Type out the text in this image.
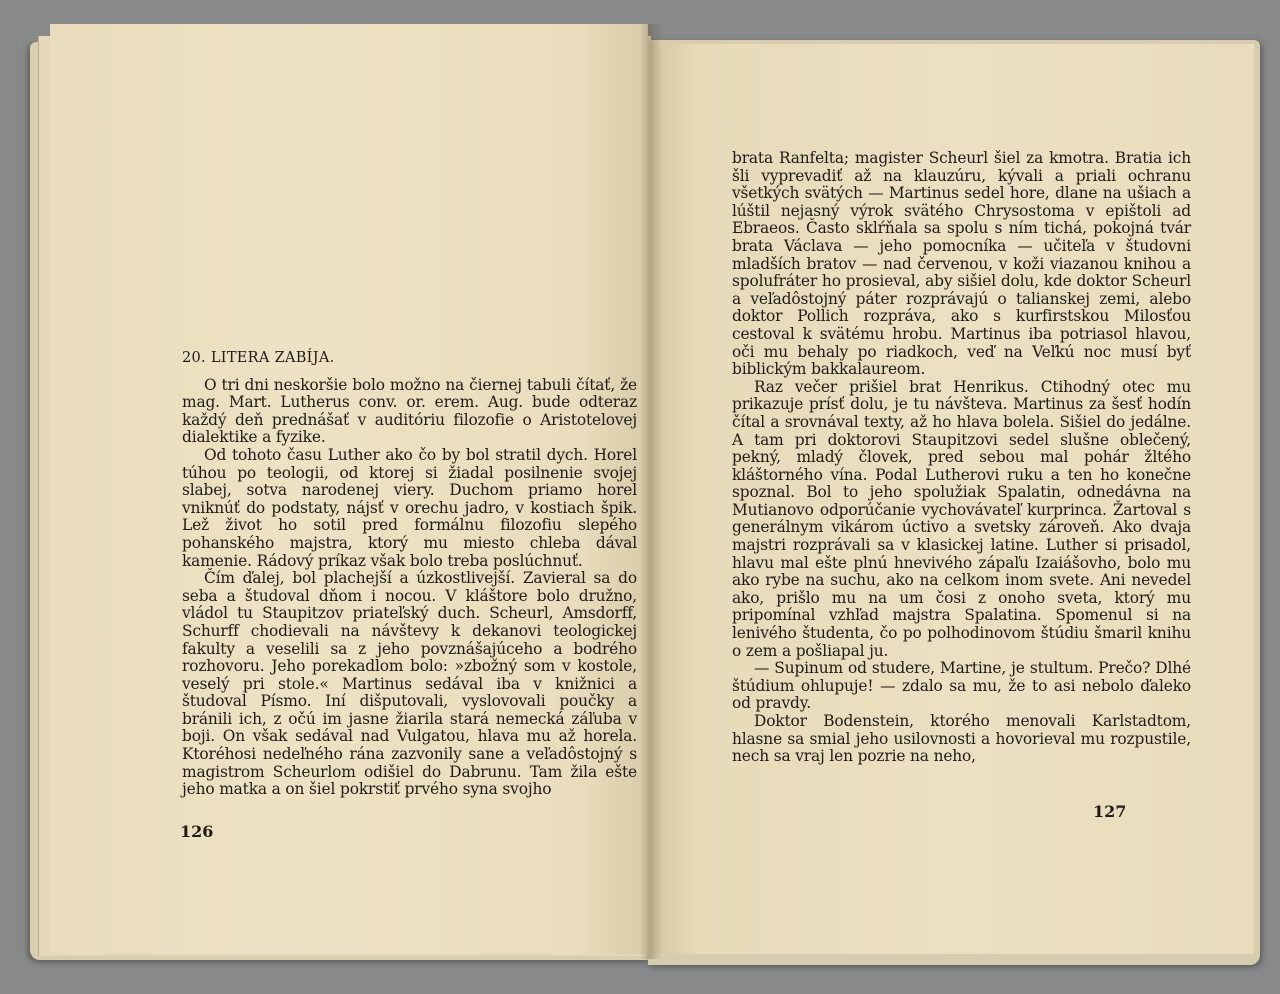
20. LITERA ZABÍJA.

O tri dni neskoršie bolo možno na čiernej tabuli čítať, že mag. Mart. Lutherus conv. or. erem. Aug. bude odteraz každý deň prednášať v auditóriu filozofie o Aristotelovej dialektike a fyzike.

Od tohoto času Luther ako čo by bol stratil dych. Horel túhou po teologii, od ktorej si žiadal posilnenie svojej slabej, sotva narodenej viery. Duchom priamo horel vniknúť do podstaty, nájsť v orechu jadro, v kostiach špik. Lež život ho sotil pred formálnu filozofiu slepého pohanského majstra, ktorý mu miesto chleba dával kamenie. Rádový príkaz však bolo treba poslúchnuť.

Čím ďalej, bol plachejší a úzkostlivejší. Zavieral sa do seba a študoval dňom i nocou. V kláštore bolo družno, vládol tu Staupitzov priateľský duch. Scheurl, Amsdorff, Schurff chodievali na návštevy k dekanovi teologickej fakulty a veselili sa z jeho povznášajúceho a bodrého rozhovoru. Jeho porekadlom bolo: »zbožný som v kostole, veselý pri stole.« Martinus sedával iba v knižnici a študoval Písmo. Iní dišputovali, vyslovovali poučky a bránili ich, z očú im jasne žiarila stará nemecká záľuba v boji. On však sedával nad Vulgatou, hlava mu až horela. Ktoréhosi nedeľného rána zazvonily sane a veľadôstojný s magistrom Scheurlom odišiel do Dabrunu. Tam žila ešte jeho matka a on šiel pokrstiť prvého syna svojho

126

brata Ranfelta; magister Scheurl šiel za kmotra. Bratia ich šli vyprevadiť až na klauzúru, kývali a priali ochranu všetkých svätých — Martinus sedel hore, dlane na ušiach a lúštil nejasný výrok svätého Chrysostoma v epištoli ad Ebraeos. Často sklŕňala sa spolu s ním tichá, pokojná tvár brata Václava — jeho pomocníka — učiteľa v študovni mladších bratov — nad červenou, v koži viazanou knihou a spolufráter ho prosieval, aby sišiel dolu, kde doktor Scheurl a veľadôstojný páter rozprávajú o talianskej zemi, alebo doktor Pollich rozpráva, ako s kurfirstskou Milosťou cestoval k svätému hrobu. Martinus iba potriasol hlavou, oči mu behaly po riadkoch, veď na Veľkú noc musí byť biblickým bakkalaureom.

Raz večer prišiel brat Henrikus. Ctihodný otec mu prikazuje prísť dolu, je tu návšteva. Martinus za šesť hodín čítal a srovnával texty, až ho hlava bolela. Sišiel do jedálne. A tam pri doktorovi Staupitzovi sedel slušne oblečený, pekný, mladý človek, pred sebou mal pohár žltého kláštorného vína. Podal Lutherovi ruku a ten ho konečne spoznal. Bol to jeho spolužiak Spalatin, odnedávna na Mutianovo odporúčanie vychovávateľ kurprinca. Žartoval s generálnym vikárom úctivo a svetsky zároveň. Ako dvaja majstri rozprávali sa v klasickej latine. Luther si prisadol, hlavu mal ešte plnú hnevivého zápaľu Izaiášovho, bolo mu ako rybe na suchu, ako na celkom inom svete. Ani nevedel ako, prišlo mu na um čosi z onoho sveta, ktorý mu pripomínal vzhľad majstra Spalatina. Spomenul si na lenivého študenta, čo po polhodinovom štúdiu šmaril knihu o zem a pošliapal ju.

— Supinum od studere, Martine, je stultum. Prečo? Dlhé štúdium ohlupuje! — zdalo sa mu, že to asi nebolo ďaleko od pravdy.

Doktor Bodenstein, ktorého menovali Karlstadtom, hlasne sa smial jeho usilovnosti a hovorieval mu rozpustile, nech sa vraj len pozrie na neho,

127
